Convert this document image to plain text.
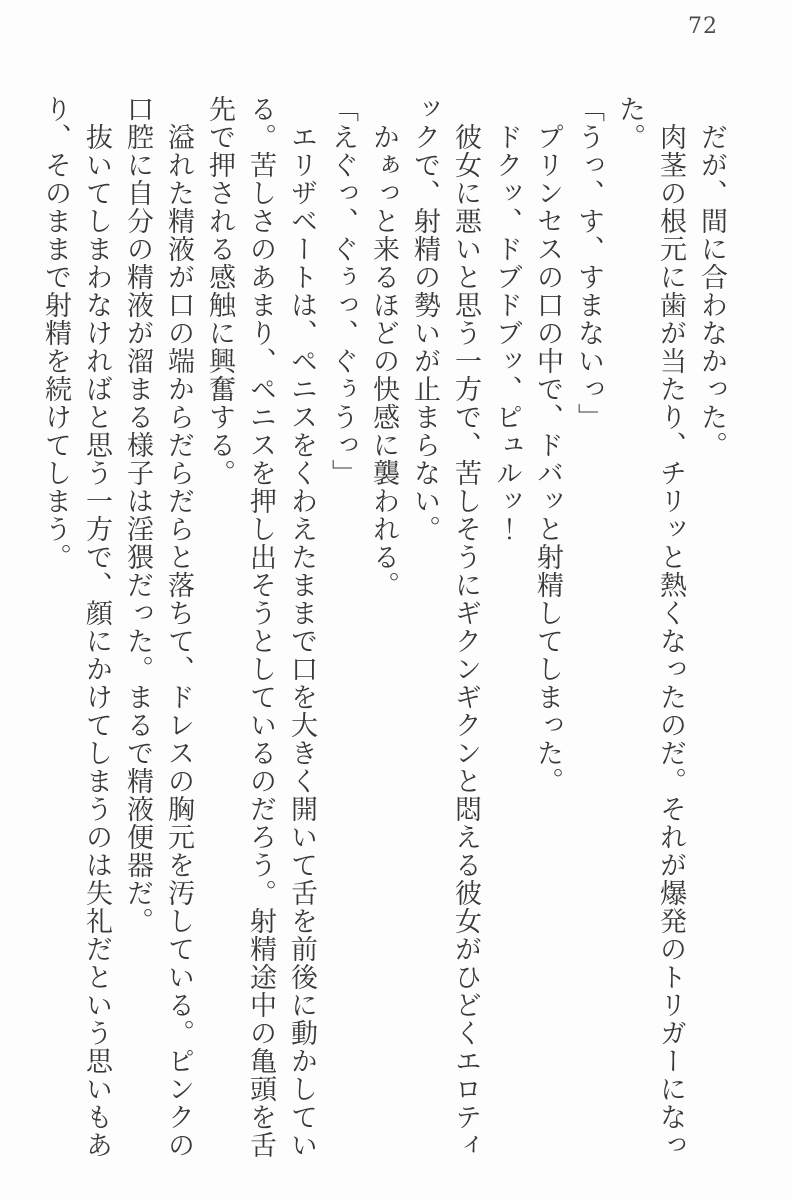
72
　だが、間に合わなかった。
　肉茎の根元に歯が当たり、チリッと熱くなったのだ。それが爆発のトリガーになっ
た。
「うっ、す、すまないっ」
　プリンセスの口の中で、ドバッと射精してしまった。
　ドクッ、ドブドブッ、ピュルッ！
　彼女に悪いと思う一方で、苦しそうにギクンギクンと悶える彼女がひどくエロティ
ックで、射精の勢いが止まらない。
　かぁっと来るほどの快感に襲われる。
「えぐっ、ぐぅっ、ぐぅうっ」
　エリザベートは、ペニスをくわえたままで口を大きく開いて舌を前後に動かしてい
る。苦しさのあまり、ペニスを押し出そうとしているのだろう。射精途中の亀頭を舌
先で押される感触に興奮する。
　溢れた精液が口の端からだらだらと落ちて、ドレスの胸元を汚している。ピンクの
口腔に自分の精液が溜まる様子は淫猥だった。まるで精液便器だ。
　抜いてしまわなければと思う一方で、顔にかけてしまうのは失礼だという思いもあ
り、そのままで射精を続けてしまう。
